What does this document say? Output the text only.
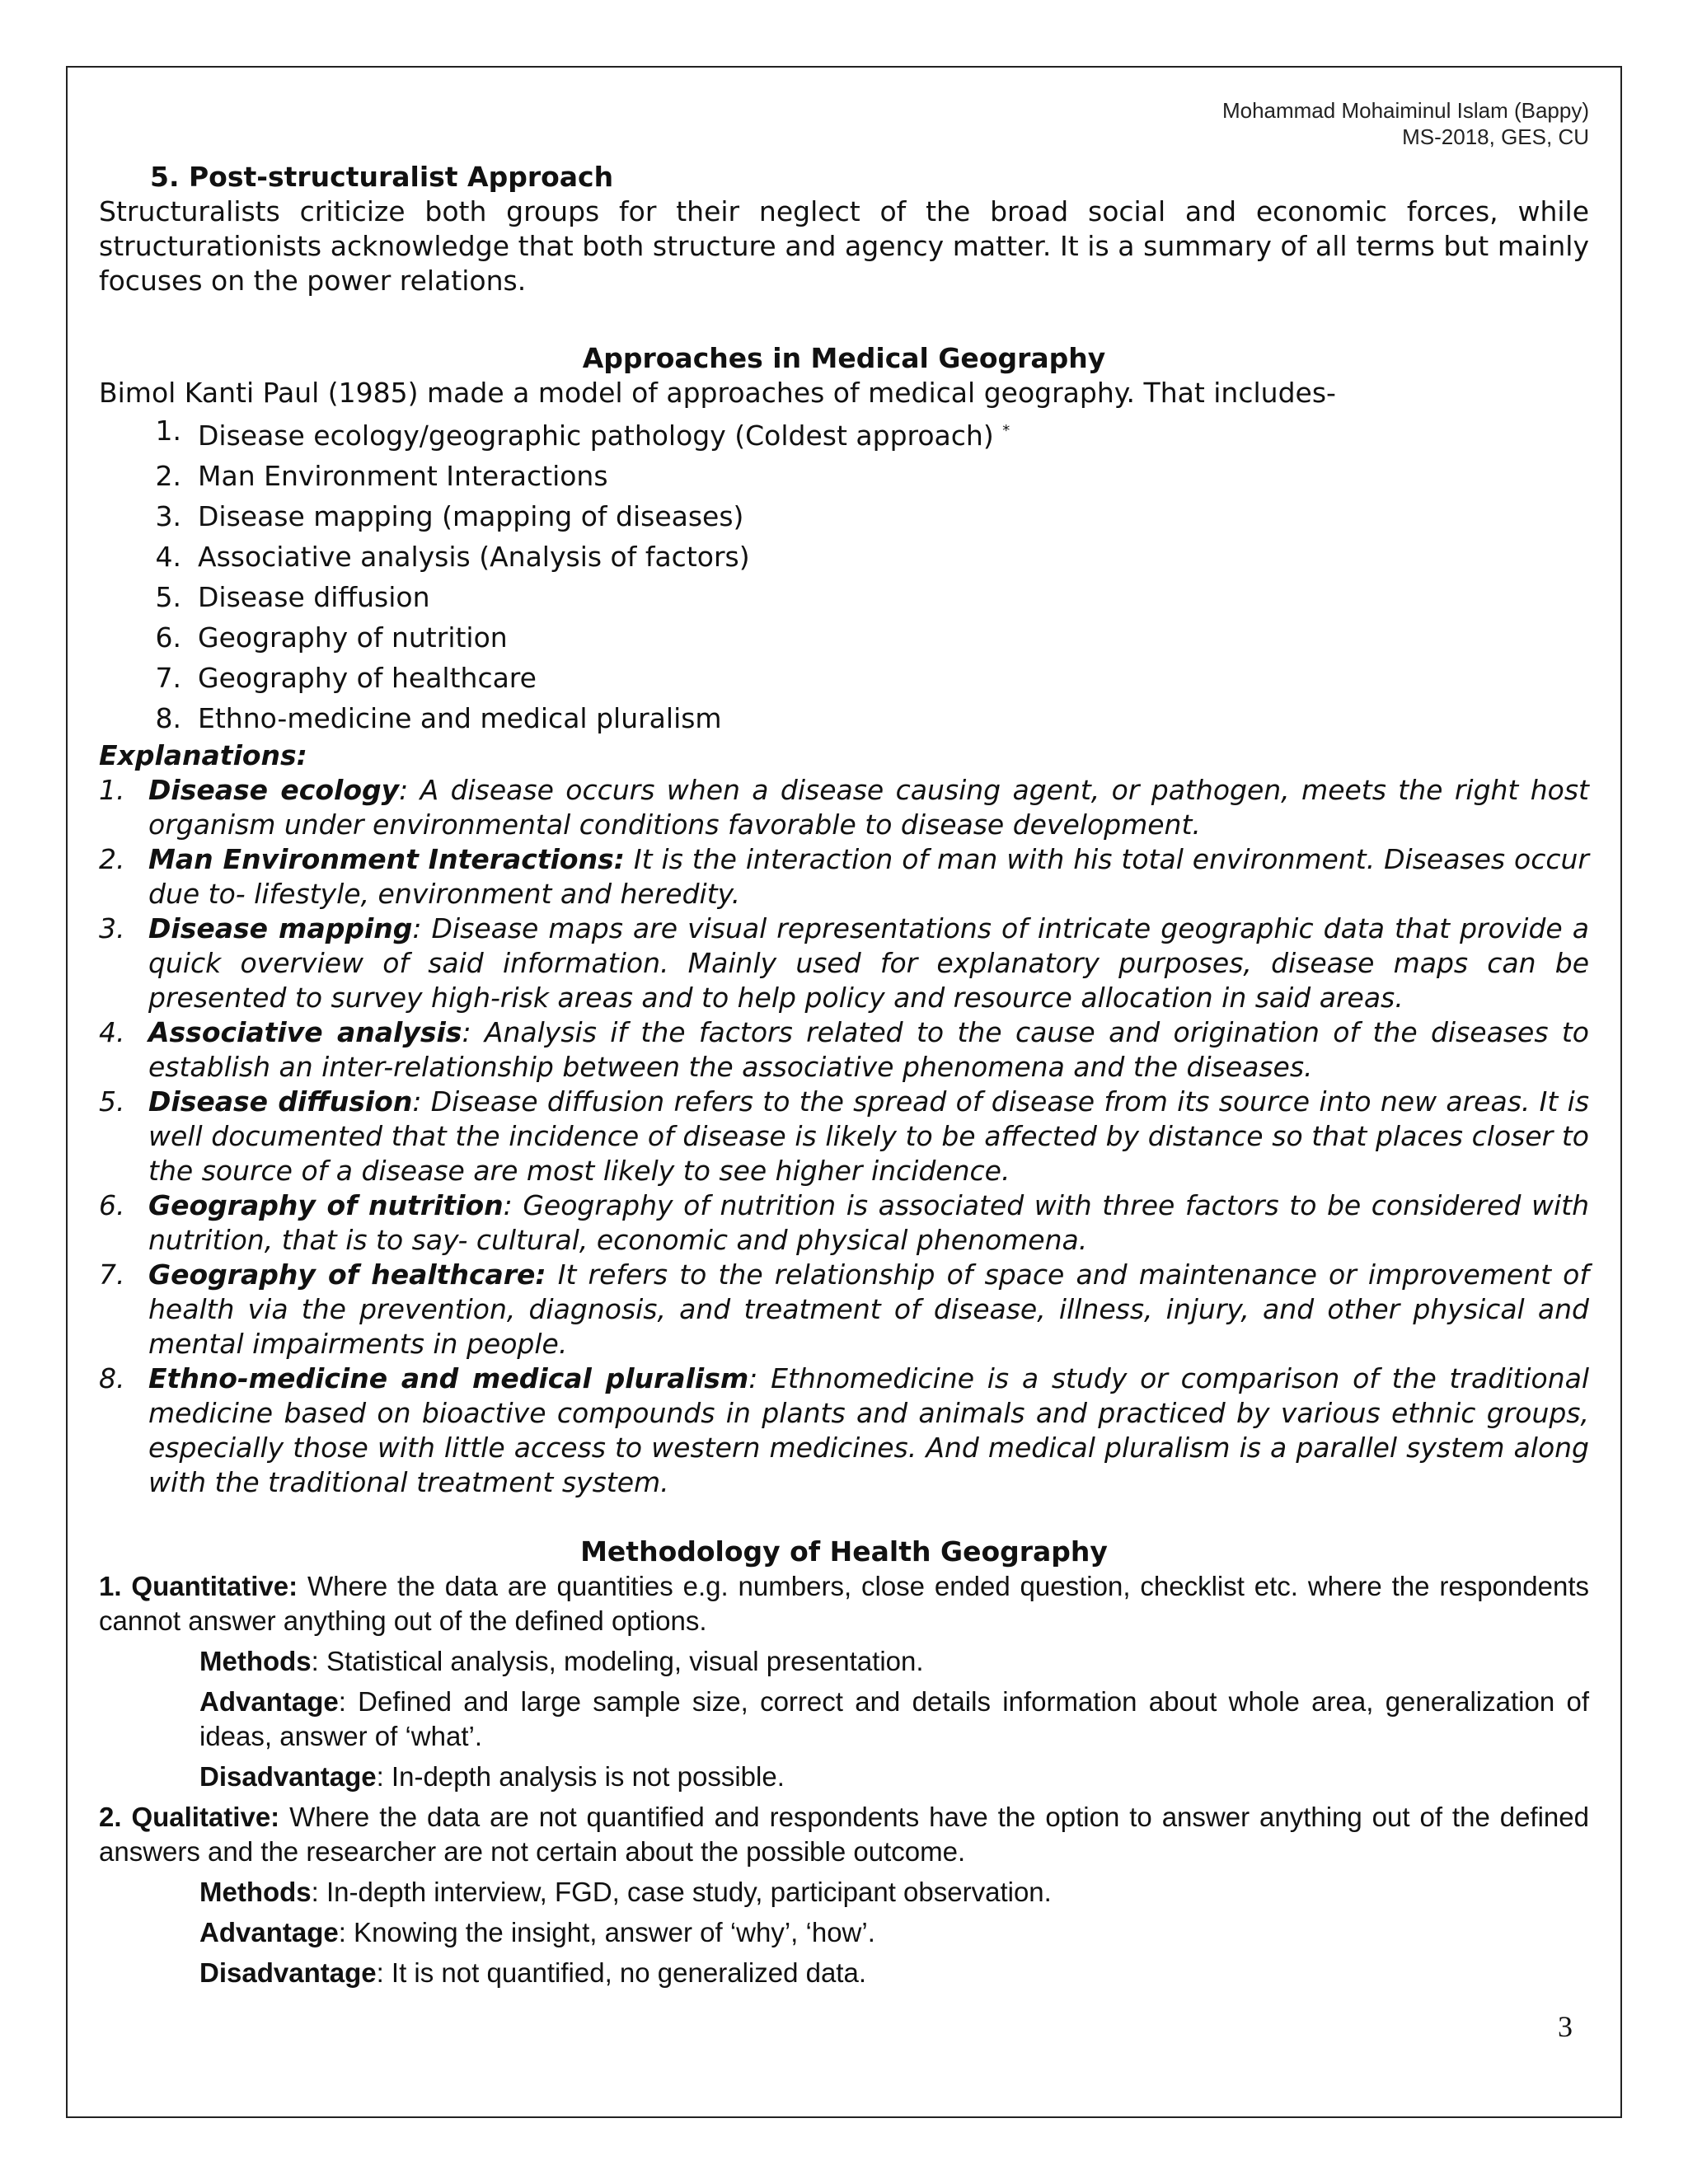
Mohammad Mohaiminul Islam (Bappy)
MS-2018, GES, CU
5. Post-structuralist Approach
Structuralists criticize both groups for their neglect of the broad social and economic forces, while structurationists acknowledge that both structure and agency matter. It is a summary of all terms but mainly focuses on the power relations.
Approaches in Medical Geography
Bimol Kanti Paul (1985) made a model of approaches of medical geography. That includes-
1. Disease ecology/geographic pathology (Coldest approach) *
2. Man Environment Interactions
3. Disease mapping (mapping of diseases)
4. Associative analysis (Analysis of factors)
5. Disease diffusion
6. Geography of nutrition
7. Geography of healthcare
8. Ethno-medicine and medical pluralism
Explanations:
1. Disease ecology: A disease occurs when a disease causing agent, or pathogen, meets the right host organism under environmental conditions favorable to disease development.
2. Man Environment Interactions: It is the interaction of man with his total environment. Diseases occur due to- lifestyle, environment and heredity.
3. Disease mapping: Disease maps are visual representations of intricate geographic data that provide a quick overview of said information. Mainly used for explanatory purposes, disease maps can be presented to survey high-risk areas and to help policy and resource allocation in said areas.
4. Associative analysis: Analysis if the factors related to the cause and origination of the diseases to establish an inter-relationship between the associative phenomena and the diseases.
5. Disease diffusion: Disease diffusion refers to the spread of disease from its source into new areas. It is well documented that the incidence of disease is likely to be affected by distance so that places closer to the source of a disease are most likely to see higher incidence.
6. Geography of nutrition: Geography of nutrition is associated with three factors to be considered with nutrition, that is to say- cultural, economic and physical phenomena.
7. Geography of healthcare: It refers to the relationship of space and maintenance or improvement of health via the prevention, diagnosis, and treatment of disease, illness, injury, and other physical and mental impairments in people.
8. Ethno-medicine and medical pluralism: Ethnomedicine is a study or comparison of the traditional medicine based on bioactive compounds in plants and animals and practiced by various ethnic groups, especially those with little access to western medicines. And medical pluralism is a parallel system along with the traditional treatment system.
Methodology of Health Geography
1. Quantitative: Where the data are quantities e.g. numbers, close ended question, checklist etc. where the respondents cannot answer anything out of the defined options.
Methods: Statistical analysis, modeling, visual presentation.
Advantage: Defined and large sample size, correct and details information about whole area, generalization of ideas, answer of ‘what’.
Disadvantage: In-depth analysis is not possible.
2. Qualitative: Where the data are not quantified and respondents have the option to answer anything out of the defined answers and the researcher are not certain about the possible outcome.
Methods: In-depth interview, FGD, case study, participant observation.
Advantage: Knowing the insight, answer of ‘why’, ‘how’.
Disadvantage: It is not quantified, no generalized data.
3
